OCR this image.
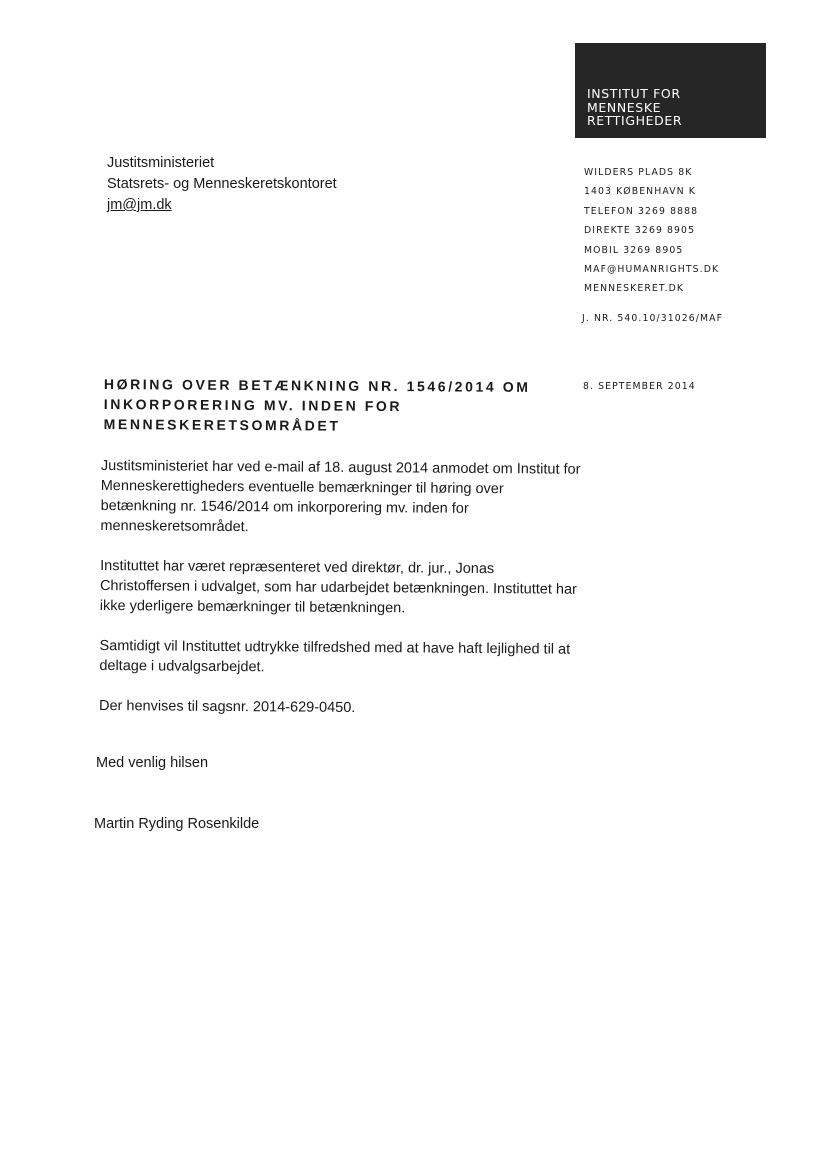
INSTITUT FOR
MENNESKE
RETTIGHEDER
Justitsministeriet
Statsrets- og Menneskeretskontoret
jm@jm.dk
WILDERS PLADS 8K
1403 KØBENHAVN K
TELEFON 3269 8888
DIREKTE 3269 8905
MOBIL 3269 8905
MAF@HUMANRIGHTS.DK
MENNESKERET.DK
J. NR. 540.10/31026/MAF
8. SEPTEMBER 2014
HØRING OVER BETÆNKNING NR. 1546/2014 OM INKORPORERING MV. INDEN FOR MENNESKERETSOMRÅDET

Justitsministeriet har ved e-mail af 18. august 2014 anmodet om Institut for Menneskerettigheders eventuelle bemærkninger til høring over betænkning nr. 1546/2014 om inkorporering mv. inden for menneskeretsområdet.

Instituttet har været repræsenteret ved direktør, dr. jur., Jonas Christoffersen i udvalget, som har udarbejdet betænkningen. Instituttet har ikke yderligere bemærkninger til betænkningen.

Samtidigt vil Instituttet udtrykke tilfredshed med at have haft lejlighed til at deltage i udvalgsarbejdet.

Der henvises til sagsnr. 2014-629-0450.

Med venlig hilsen
Martin Ryding Rosenkilde
